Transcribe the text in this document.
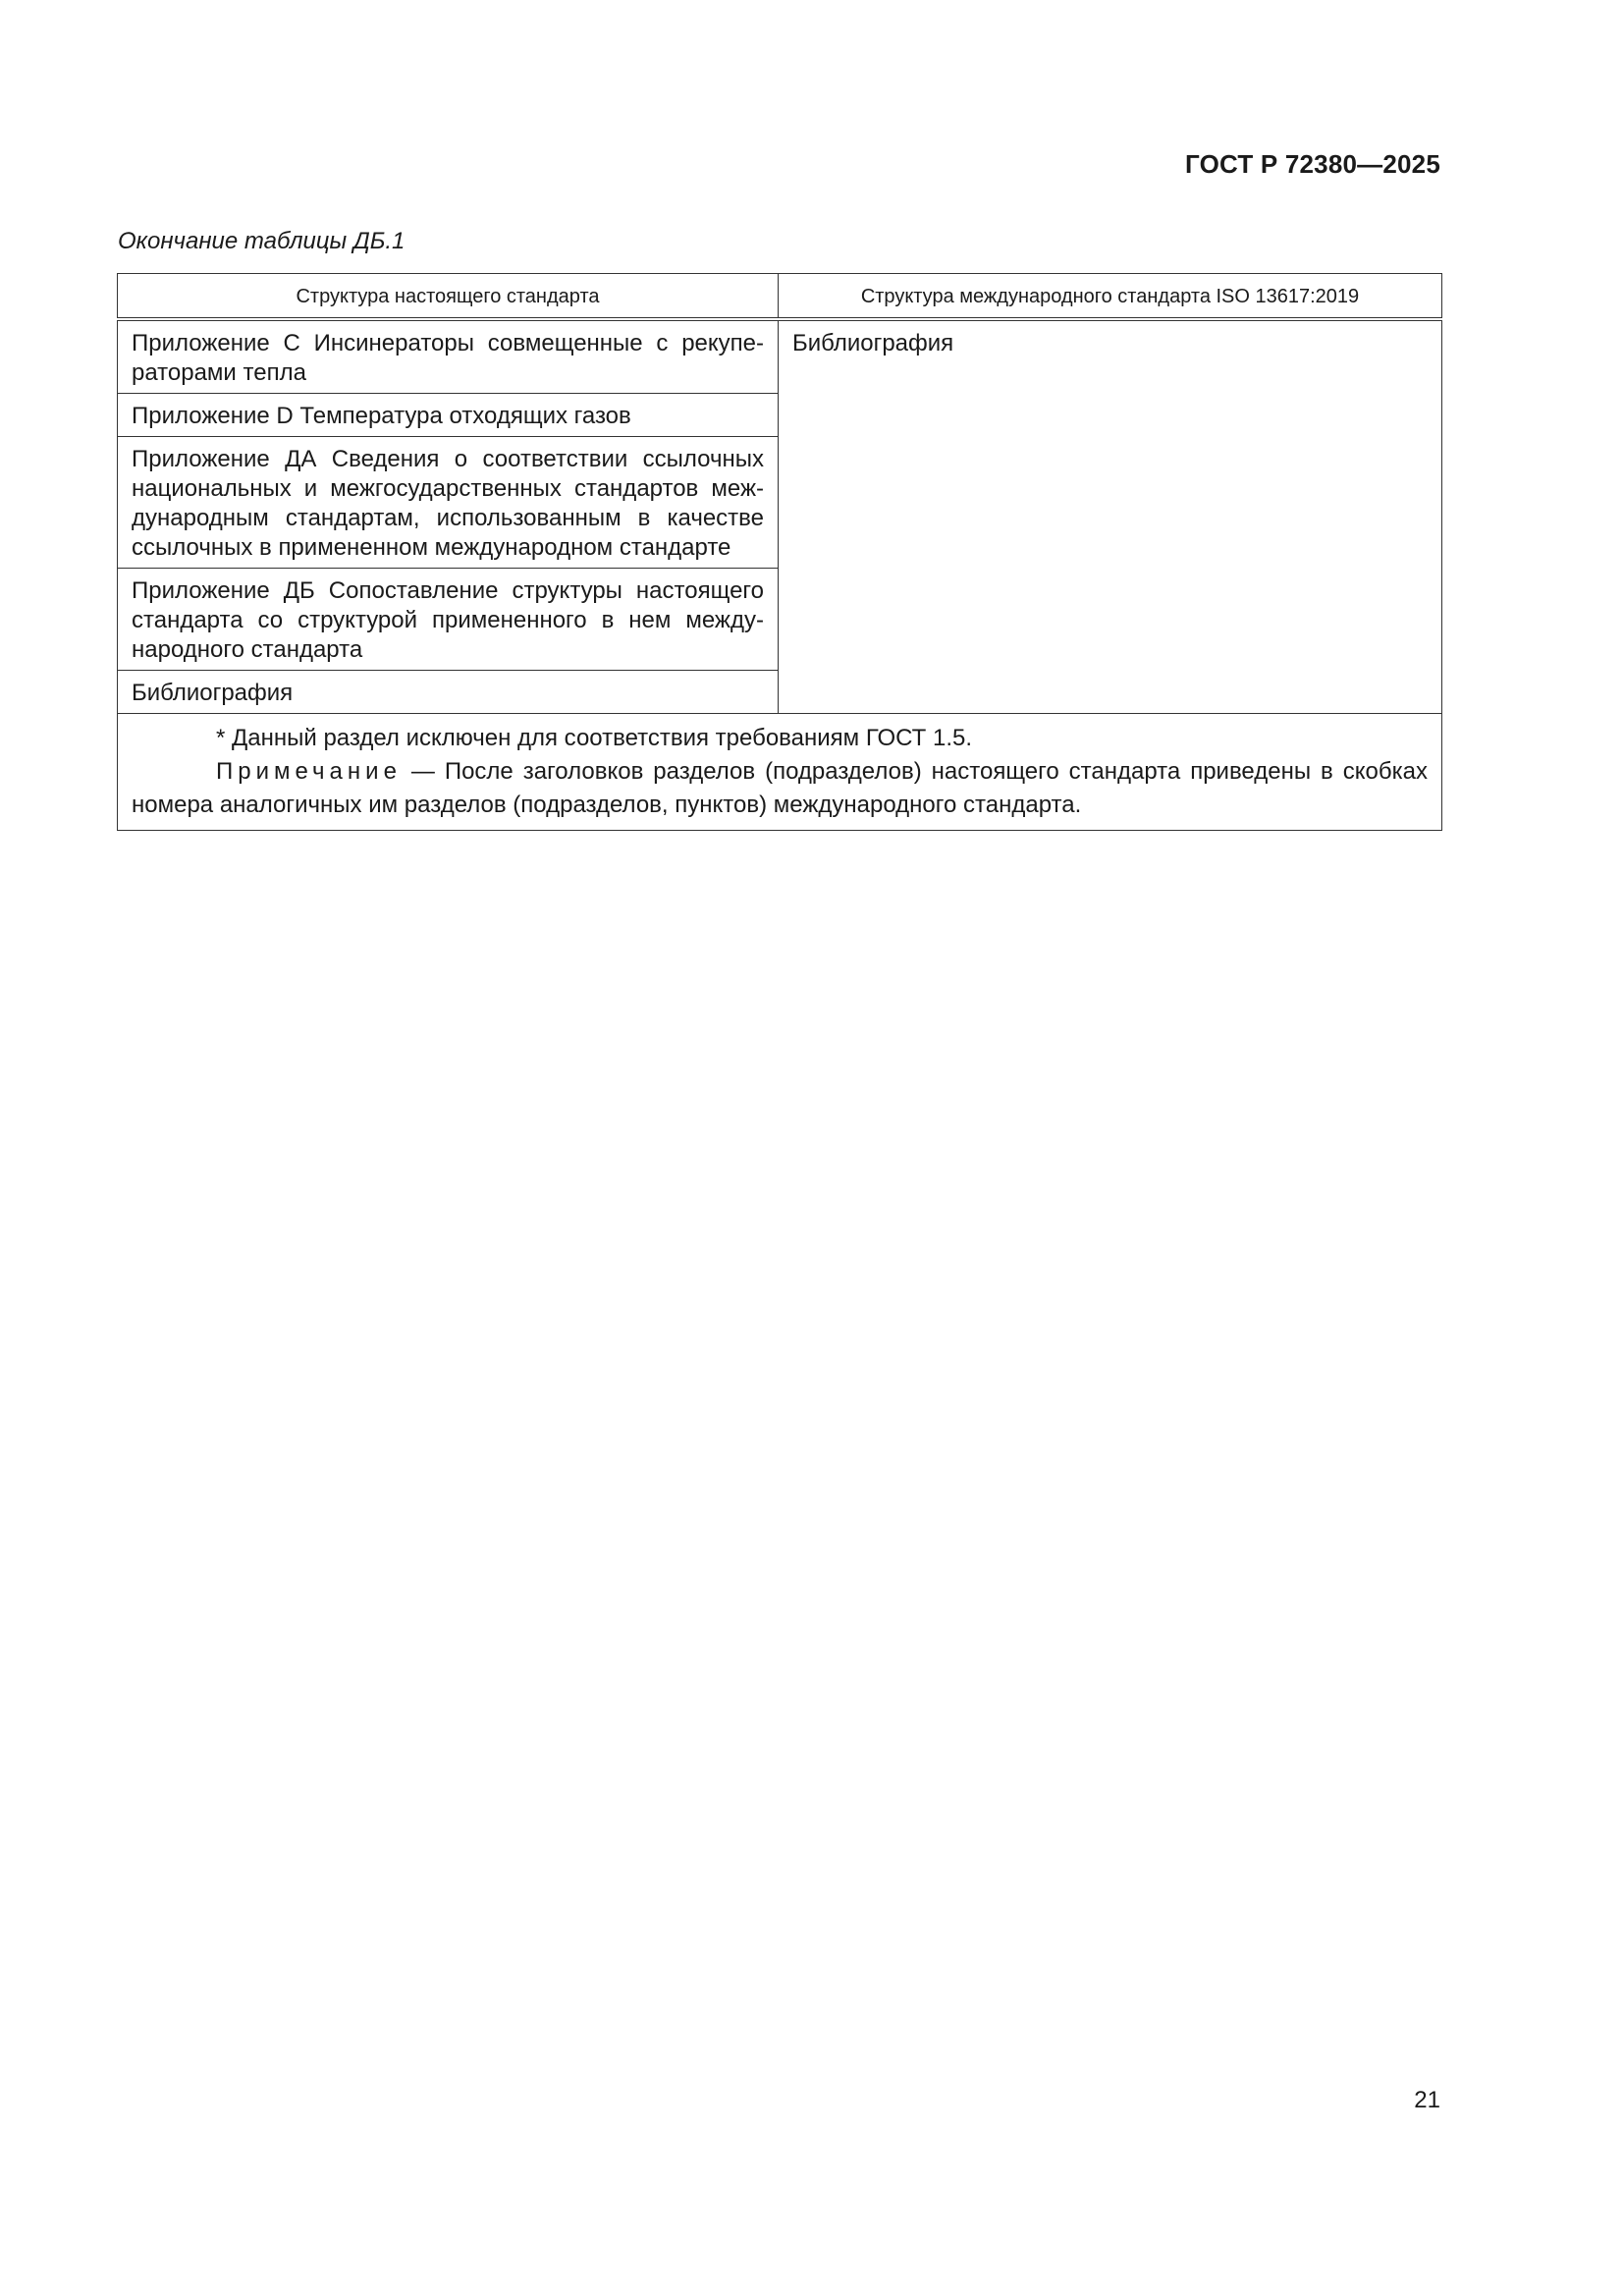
ГОСТ Р 72380—2025
Окончание таблицы ДБ.1
Структура настоящего стандарта	Структура международного стандарта ISO 13617:2019
Приложение С Инсинераторы совмещенные с рекуператорами тепла	Библиография
Приложение D Температура отходящих газов	
Приложение ДА Сведения о соответствии ссылочных национальных и межгосударственных стандартов международным стандартам, использованным в качестве ссылочных в примененном международном стандарте	
Приложение ДБ Сопоставление структуры настоящего стандарта со структурой примененного в нем международного стандарта	
Библиография	

* Данный раздел исключен для соответствия требованиям ГОСТ 1.5.
Примечание — После заголовков разделов (подразделов) настоящего стандарта приведены в скобках номера аналогичных им разделов (подразделов, пунктов) международного стандарта.	
21
